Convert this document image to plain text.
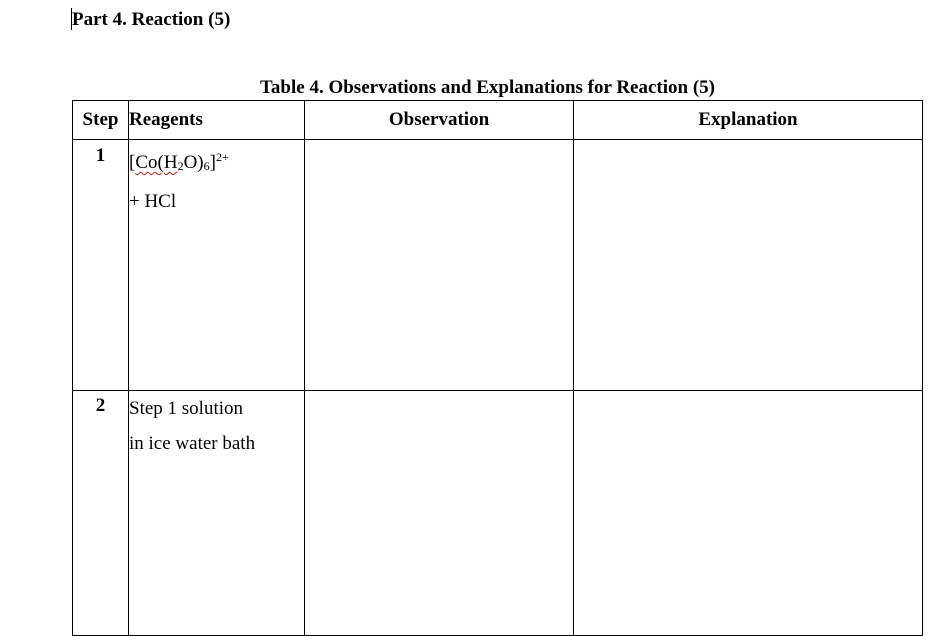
Part 4. Reaction (5)
Table 4. Observations and Explanations for Reaction (5)
Step	Reagents	Observation	Explanation
1	$[Co(H_2O)_6]^{2+}$
+ HCl		

2	Step 1 solution
in ice water bath		
